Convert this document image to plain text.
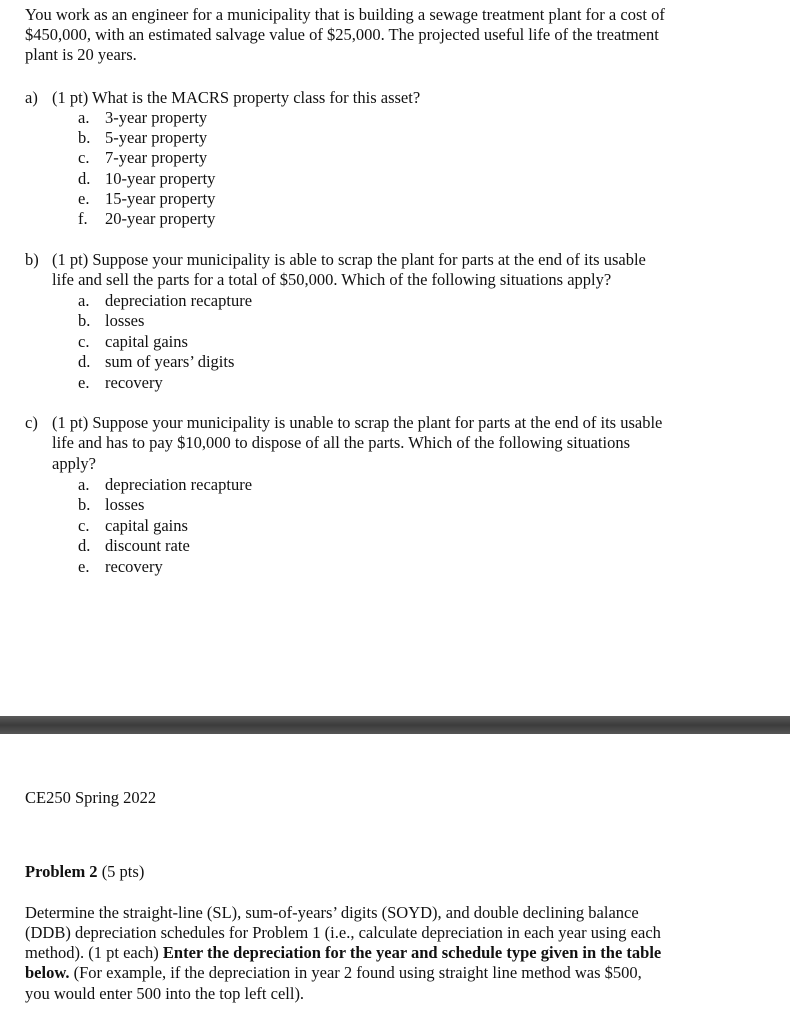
You work as an engineer for a municipality that is building a sewage treatment plant for a cost of
$450,000, with an estimated salvage value of $25,000. The projected useful life of the treatment
plant is 20 years.
a) (1 pt) What is the MACRS property class for this asset?
a. 3-year property
b. 5-year property
c. 7-year property
d. 10-year property
e. 15-year property
f. 20-year property
b) (1 pt) Suppose your municipality is able to scrap the plant for parts at the end of its usable
life and sell the parts for a total of $50,000. Which of the following situations apply?
a. depreciation recapture
b. losses
c. capital gains
d. sum of years’ digits
e. recovery
c) (1 pt) Suppose your municipality is unable to scrap the plant for parts at the end of its usable
life and has to pay $10,000 to dispose of all the parts. Which of the following situations
apply?
a. depreciation recapture
b. losses
c. capital gains
d. discount rate
e. recovery
CE250 Spring 2022
Problem 2 (5 pts)
Determine the straight-line (SL), sum-of-years’ digits (SOYD), and double declining balance
(DDB) depreciation schedules for Problem 1 (i.e., calculate depreciation in each year using each
method). (1 pt each) Enter the depreciation for the year and schedule type given in the table
below. (For example, if the depreciation in year 2 found using straight line method was $500,
you would enter 500 into the top left cell).
